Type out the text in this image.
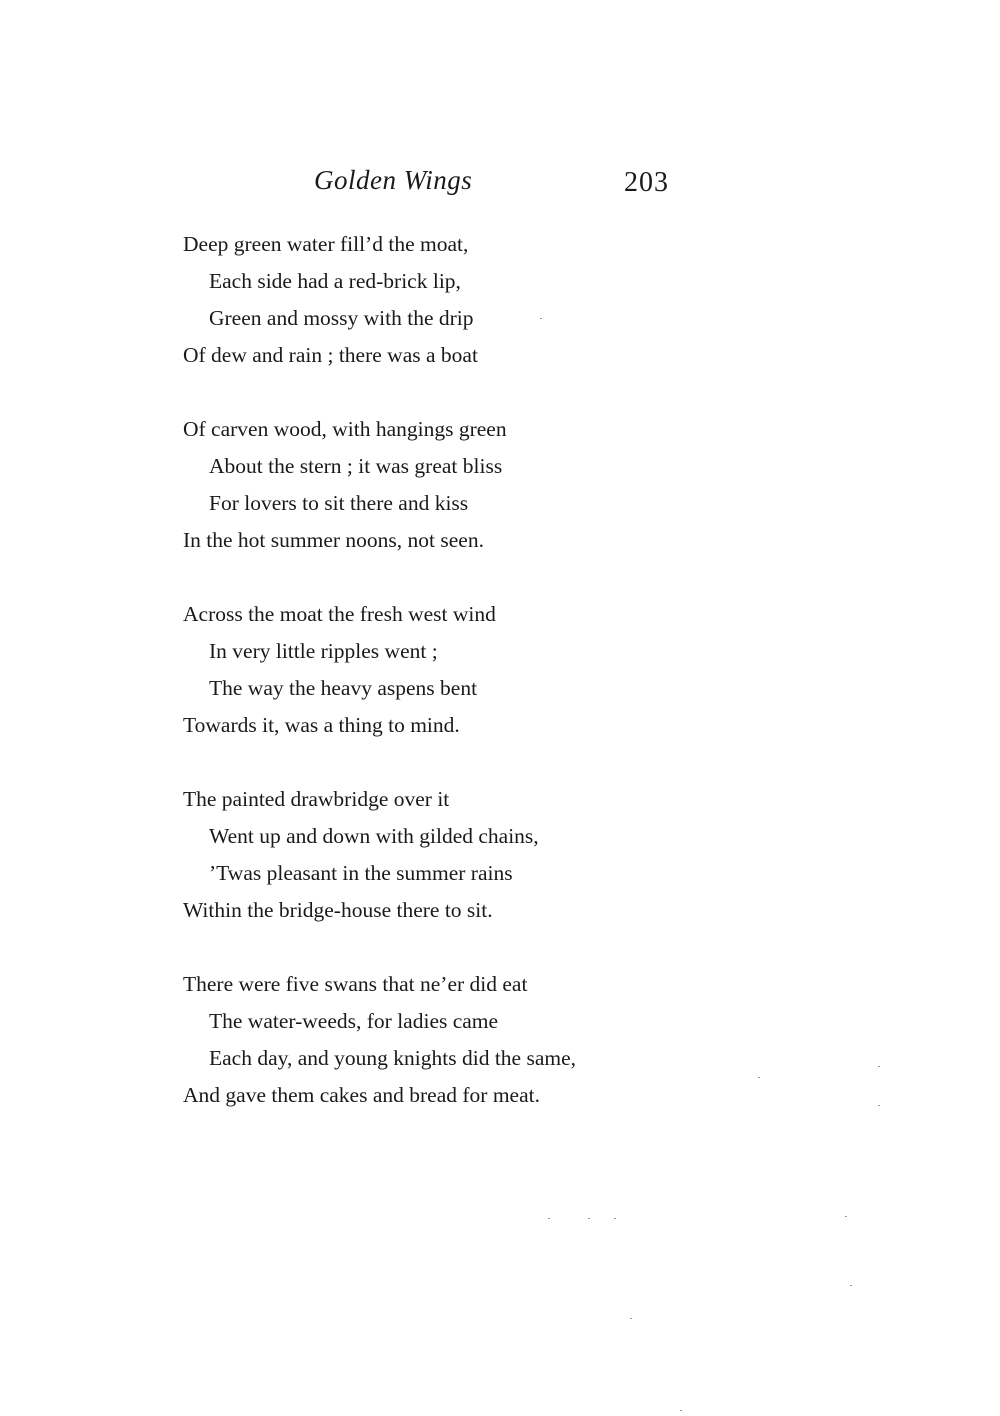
Golden Wings	203
Deep green water fill’d the moat,
Each side had a red-brick lip,
Green and mossy with the drip
Of dew and rain ; there was a boat
Of carven wood, with hangings green
About the stern ; it was great bliss
For lovers to sit there and kiss
In the hot summer noons, not seen.
Across the moat the fresh west wind
In very little ripples went ;
The way the heavy aspens bent
Towards it, was a thing to mind.
The painted drawbridge over it
Went up and down with gilded chains,
’Twas pleasant in the summer rains
Within the bridge-house there to sit.
There were five swans that ne’er did eat
The water-weeds, for ladies came
Each day, and young knights did the same,
And gave them cakes and bread for meat.
